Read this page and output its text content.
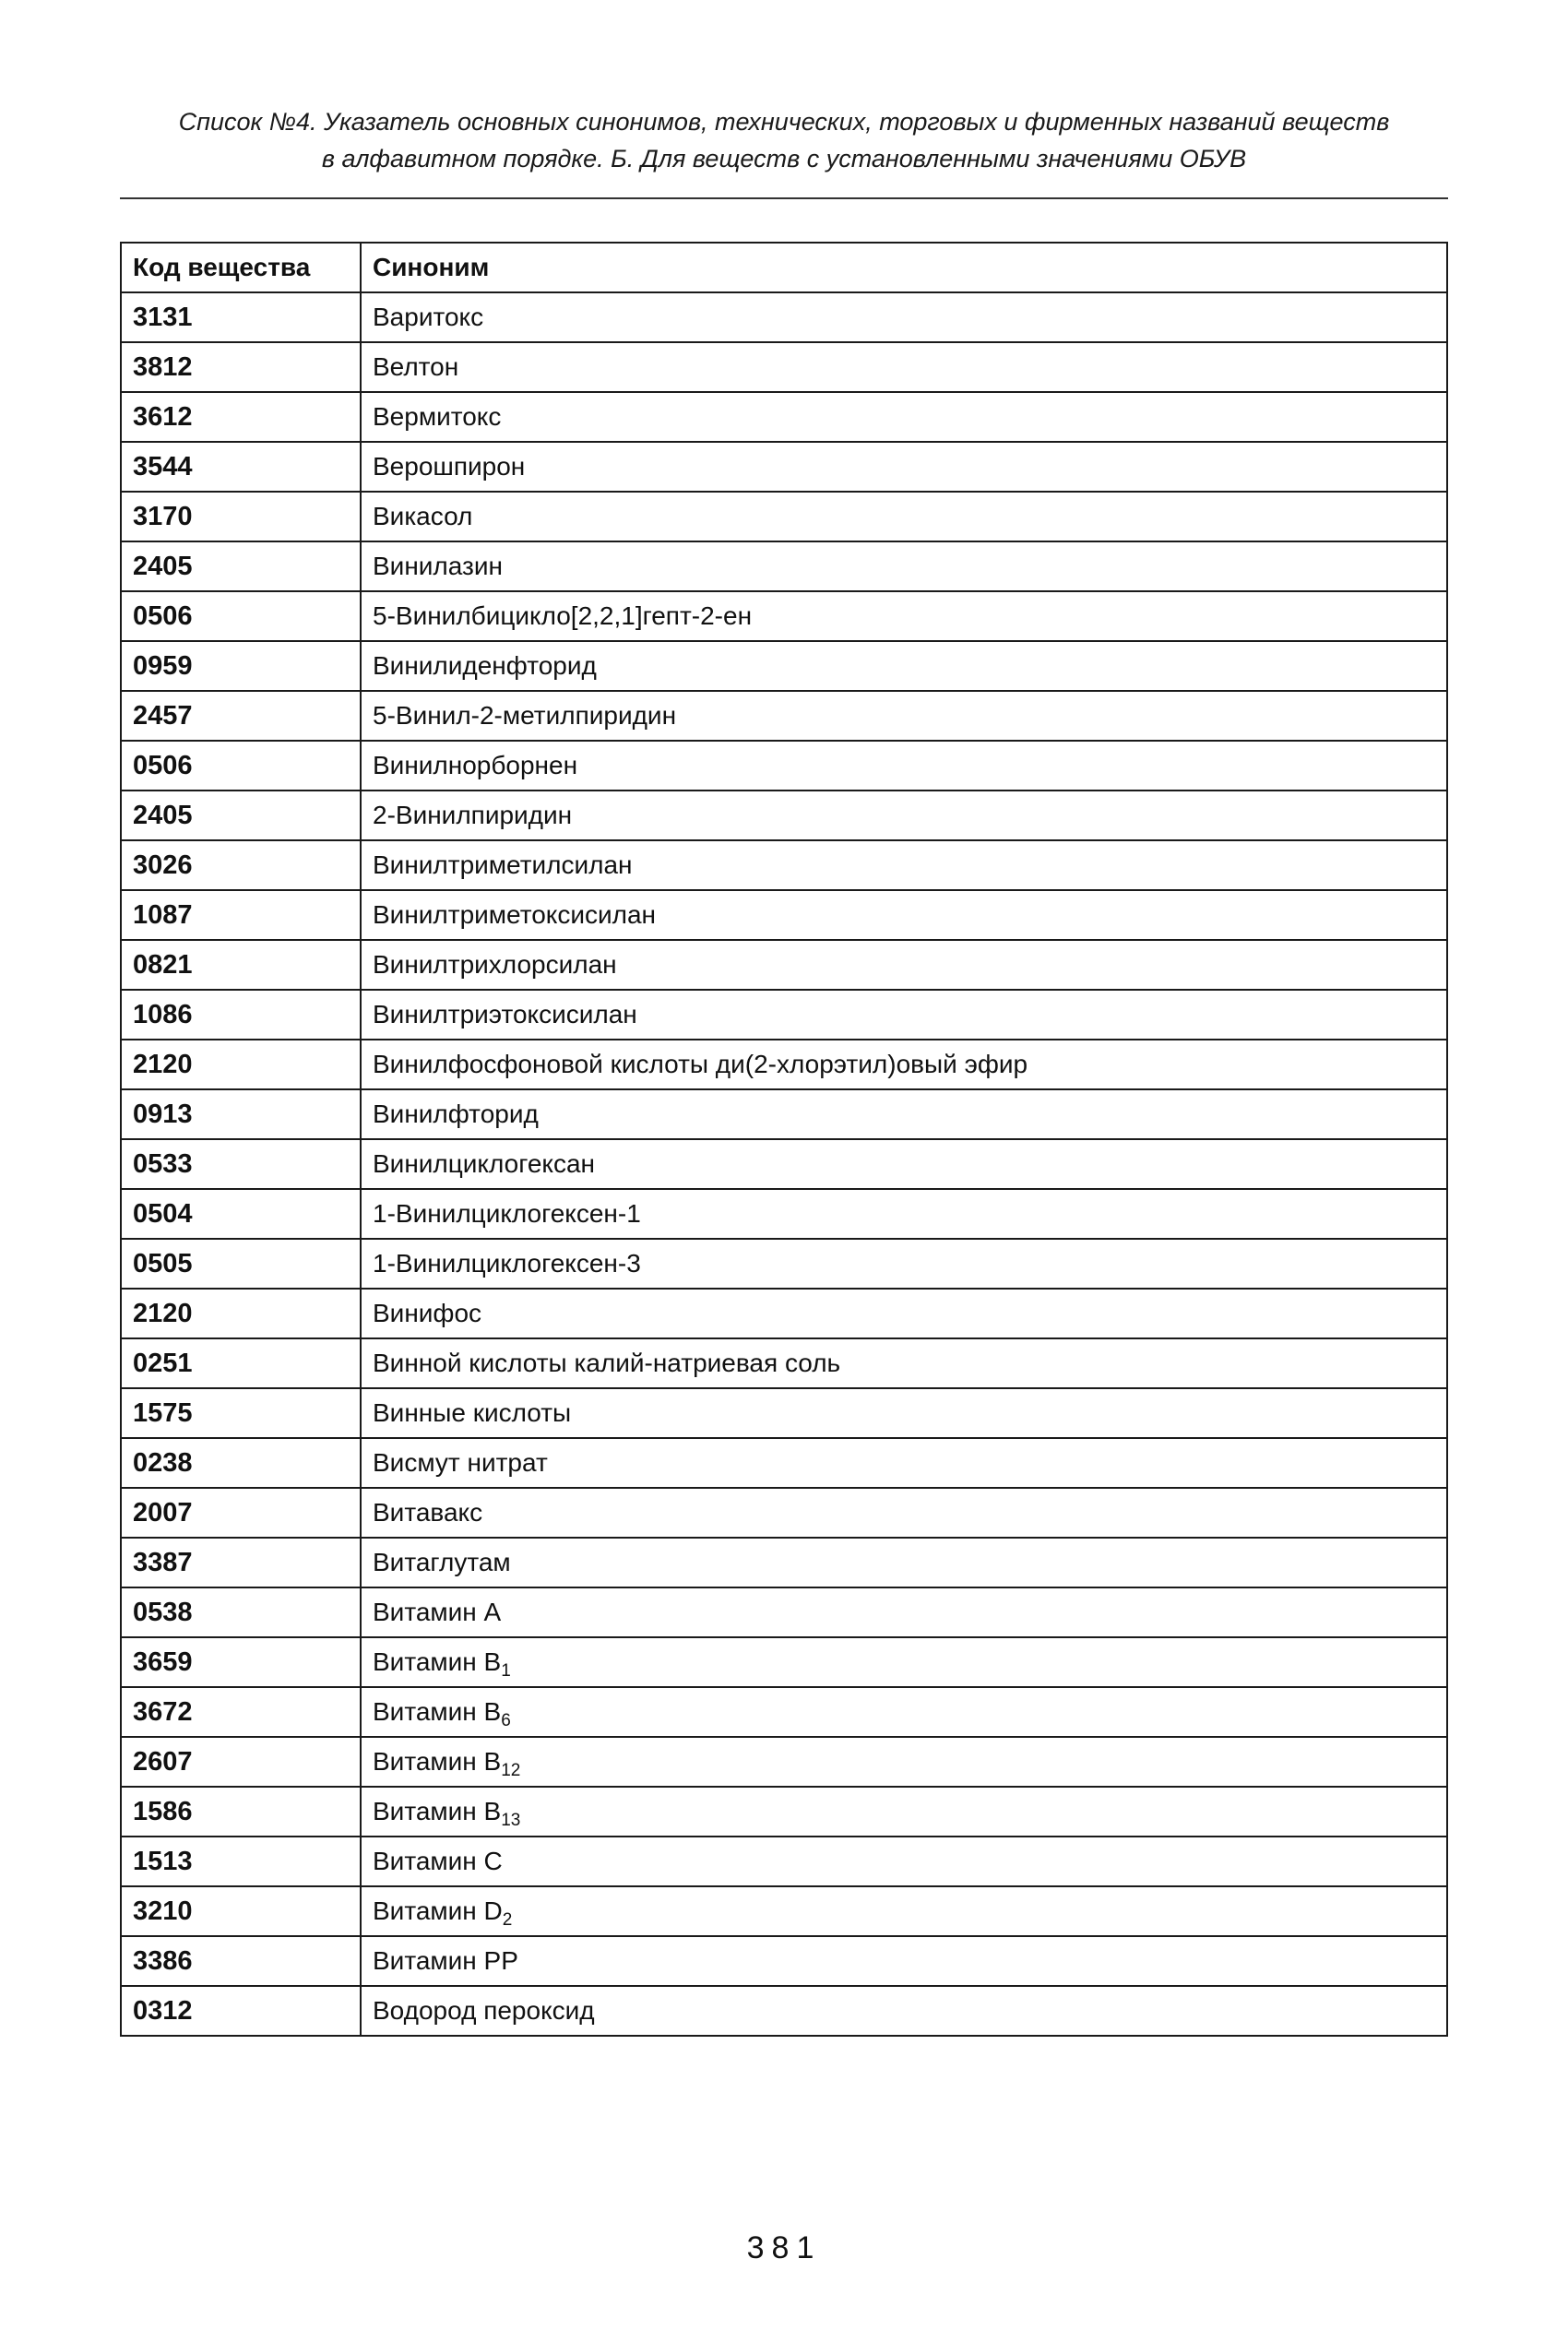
Список №4. Указатель основных синонимов, технических, торговых и фирменных названий веществ
в алфавитном порядке. Б. Для веществ с установленными значениями ОБУВ
Код вещества	Синоним
3131	Варитокс
3812	Велтон
3612	Вермитокс
3544	Верошпирон
3170	Викасол
2405	Винилазин
0506	5-Винилбицикло[2,2,1]гепт-2-ен
0959	Винилиденфторид
2457	5-Винил-2-метилпиридин
0506	Винилнорборнен
2405	2-Винилпиридин
3026	Винилтриметилсилан
1087	Винилтриметоксисилан
0821	Винилтрихлорсилан
1086	Винилтриэтоксисилан
2120	Винилфосфоновой кислоты ди(2-хлорэтил)овый эфир
0913	Винилфторид
0533	Винилциклогексан
0504	1-Винилциклогексен-1
0505	1-Винилциклогексен-3
2120	Винифос
0251	Винной кислоты калий-натриевая соль
1575	Винные кислоты
0238	Висмут нитрат
2007	Витавакс
3387	Витаглутам
0538	Витамин А
3659	Витамин $В_1$
3672	Витамин $В_6$
2607	Витамин $В_{12}$
1586	Витамин $В_{13}$
1513	Витамин С
3210	Витамин $D_2$
3386	Витамин РР
0312	Водород пероксид
381
